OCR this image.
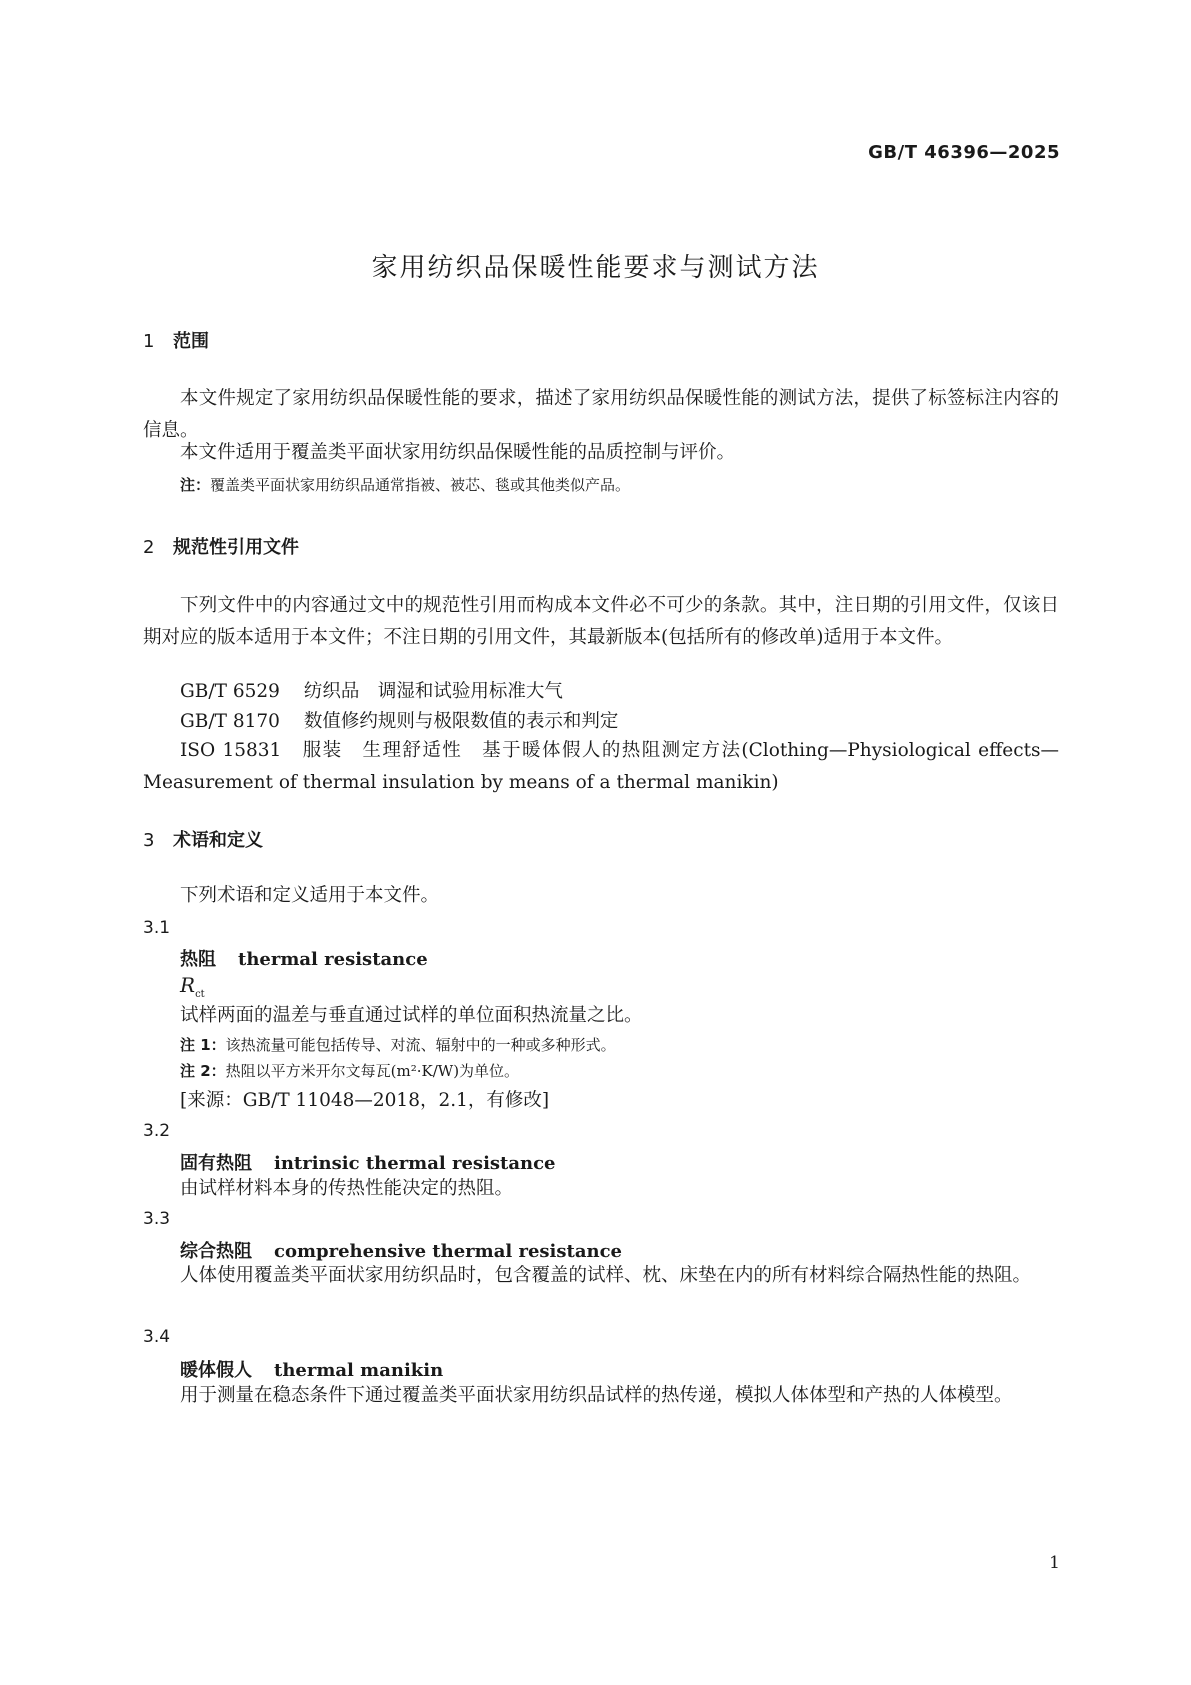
GB/T 46396—2025
家用纺织品保暖性能要求与测试方法
1 范围
本文件规定了家用纺织品保暖性能的要求，描述了家用纺织品保暖性能的测试方法，提供了标签标注内容的信息。
本文件适用于覆盖类平面状家用纺织品保暖性能的品质控制与评价。
注：覆盖类平面状家用纺织品通常指被、被芯、毯或其他类似产品。
2 规范性引用文件
下列文件中的内容通过文中的规范性引用而构成本文件必不可少的条款。其中，注日期的引用文件，仅该日期对应的版本适用于本文件；不注日期的引用文件，其最新版本(包括所有的修改单)适用于本文件。
GB/T 6529 纺织品　调湿和试验用标准大气
GB/T 8170 数值修约规则与极限数值的表示和判定
ISO 15831　服装　生理舒适性　基于暖体假人的热阻测定方法(Clothing—Physiological effects—Measurement of thermal insulation by means of a thermal manikin)
3 术语和定义
下列术语和定义适用于本文件。
3.1
热阻 thermal resistance
$R_{ct}$
试样两面的温差与垂直通过试样的单位面积热流量之比。
注 1：该热流量可能包括传导、对流、辐射中的一种或多种形式。
注 2：热阻以平方米开尔文每瓦(m²·K/W)为单位。
[来源：GB/T 11048—2018，2.1，有修改]
3.2
固有热阻 intrinsic thermal resistance
由试样材料本身的传热性能决定的热阻。
3.3
综合热阻 comprehensive thermal resistance
人体使用覆盖类平面状家用纺织品时，包含覆盖的试样、枕、床垫在内的所有材料综合隔热性能的热阻。
3.4
暖体假人 thermal manikin
用于测量在稳态条件下通过覆盖类平面状家用纺织品试样的热传递，模拟人体体型和产热的人体模型。
1
